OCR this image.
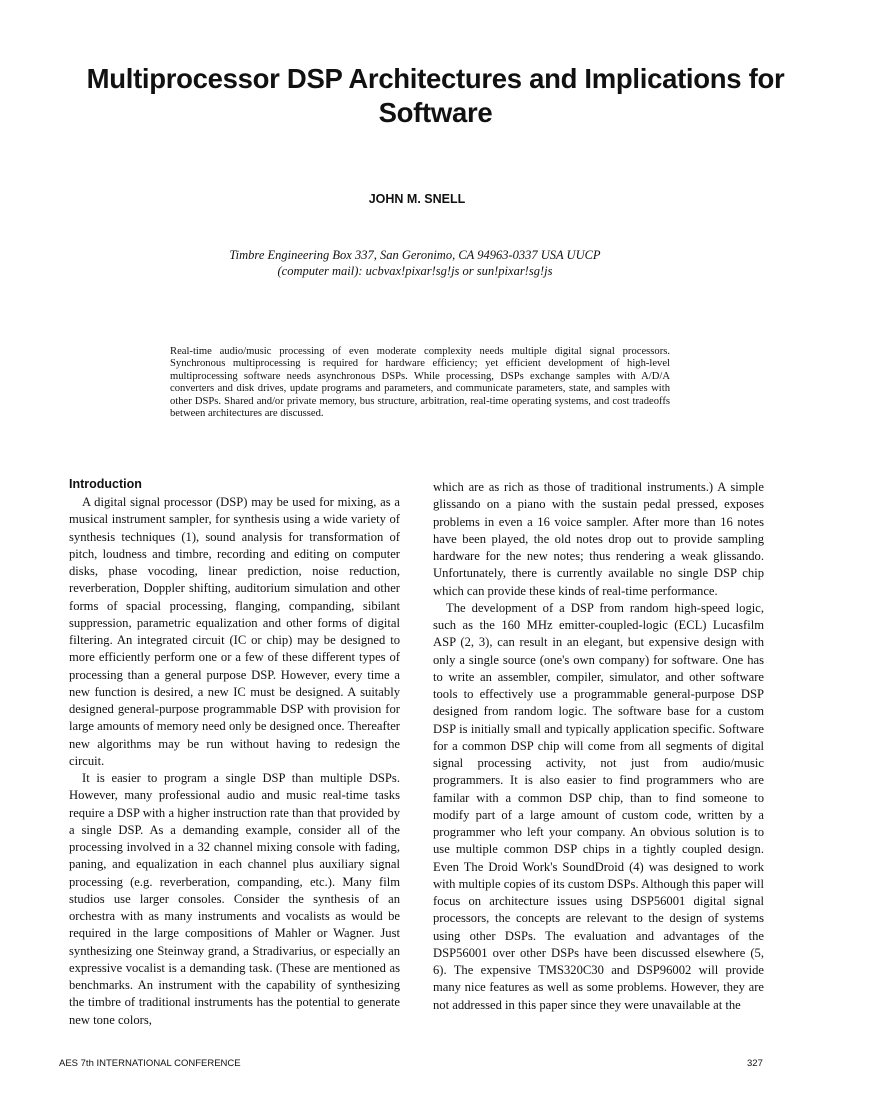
Multiprocessor DSP Architectures and Implications for Software

JOHN M. SNELL

Timbre Engineering Box 337, San Geronimo, CA 94963-0337 USA UUCP
(computer mail): ucbvax!pixar!sg!js or sun!pixar!sg!js

Real-time audio/music processing of even moderate complexity needs multiple digital signal processors. Synchronous multiprocessing is required for hardware efficiency; yet efficient development of high-level multiprocessing software needs asynchronous DSPs. While processing, DSPs exchange samples with A/D/A converters and disk drives, update programs and parameters, and communicate parameters, state, and samples with other DSPs. Shared and/or private memory, bus structure, arbitration, real-time operating systems, and cost tradeoffs between architectures are discussed.

Introduction

A digital signal processor (DSP) may be used for mixing, as a musical instrument sampler, for synthesis using a wide variety of synthesis techniques (1), sound analysis for transformation of pitch, loudness and timbre, recording and editing on computer disks, phase vocoding, linear prediction, noise reduction, reverberation, Doppler shifting, auditorium simulation and other forms of spacial processing, flanging, companding, sibilant suppression, parametric equalization and other forms of digital filtering. An integrated circuit (IC or chip) may be designed to more efficiently perform one or a few of these different types of processing than a general purpose DSP. However, every time a new function is desired, a new IC must be designed. A suitably designed general-purpose programmable DSP with provision for large amounts of memory need only be designed once. Thereafter new algorithms may be run without having to redesign the circuit.

It is easier to program a single DSP than multiple DSPs. However, many professional audio and music real-time tasks require a DSP with a higher instruction rate than that provided by a single DSP. As a demanding example, consider all of the processing involved in a 32 channel mixing console with fading, paning, and equalization in each channel plus auxiliary signal processing (e.g. reverberation, companding, etc.). Many film studios use larger consoles. Consider the synthesis of an orchestra with as many instruments and vocalists as would be required in the large compositions of Mahler or Wagner. Just synthesizing one Steinway grand, a Stradivarius, or especially an expressive vocalist is a demanding task. (These are mentioned as benchmarks. An instrument with the capability of synthesizing the timbre of traditional instruments has the potential to generate new tone colors,

which are as rich as those of traditional instruments.) A simple glissando on a piano with the sustain pedal pressed, exposes problems in even a 16 voice sampler. After more than 16 notes have been played, the old notes drop out to provide sampling hardware for the new notes; thus rendering a weak glissando. Unfortunately, there is currently available no single DSP chip which can provide these kinds of real-time performance.

The development of a DSP from random high-speed logic, such as the 160 MHz emitter-coupled-logic (ECL) Lucasfilm ASP (2, 3), can result in an elegant, but expensive design with only a single source (one's own company) for software. One has to write an assembler, compiler, simulator, and other software tools to effectively use a programmable general-purpose DSP designed from random logic. The software base for a custom DSP is initially small and typically application specific. Software for a common DSP chip will come from all segments of digital signal processing activity, not just from audio/music programmers. It is also easier to find programmers who are familar with a common DSP chip, than to find someone to modify part of a large amount of custom code, written by a programmer who left your company. An obvious solution is to use multiple common DSP chips in a tightly coupled design. Even The Droid Work's SoundDroid (4) was designed to work with multiple copies of its custom DSPs. Although this paper will focus on architecture issues using DSP56001 digital signal processors, the concepts are relevant to the design of systems using other DSPs. The evaluation and advantages of the DSP56001 over other DSPs have been discussed elsewhere (5, 6). The expensive TMS320C30 and DSP96002 will provide many nice features as well as some problems. However, they are not addressed in this paper since they were unavailable at the

AES 7th INTERNATIONAL CONFERENCE	327
